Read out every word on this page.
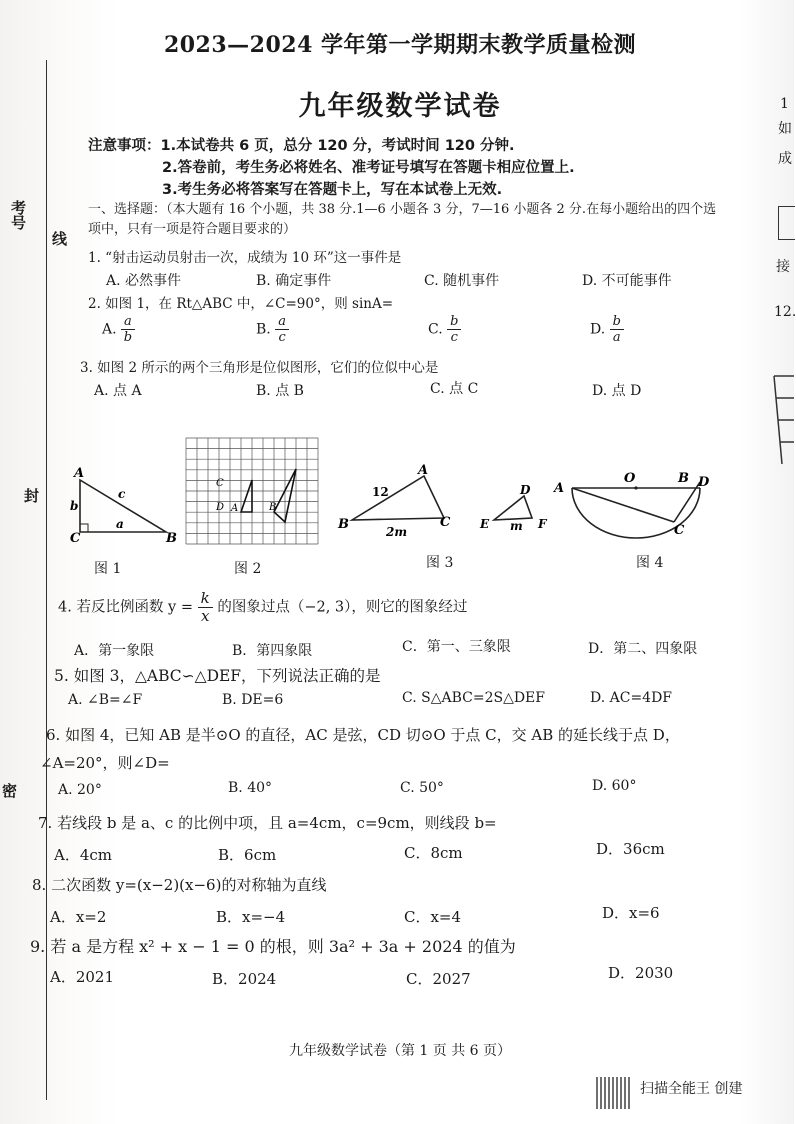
考号
线
封
密
2023—2024 学年第一学期期末教学质量检测
九年级数学试卷
注意事项：1.本试卷共 6 页，总分 120 分，考试时间 120 分钟.
2.答卷前，考生务必将姓名、准考证号填写在答题卡相应位置上.
3.考生务必将答案写在答题卡上，写在本试卷上无效.
一、选择题：（本大题有 16 个小题，共 38 分.1—6 小题各 3 分，7—16 小题各 2 分.在每小题给出的四个选项中，只有一项是符合题目要求的）
1. “射击运动员射击一次，成绩为 10 环”这一事件是
A. 必然事件	B. 确定事件	C. 随机事件	D. 不可能事件
2. 如图 1，在 Rt△ABC 中，∠C=90°，则 sinA=
A. $\frac{a}{b}$	B. $\frac{a}{c}$	C. $\frac{b}{c}$	D. $\frac{b}{a}$
3. 如图 2 所示的两个三角形是位似图形，它们的位似中心是
A. 点 A	B. 点 B	C. 点 C	D. 点 D
A
B
C
a
b
c
图 1
C
D A	B
图 2
A
B	C
D
E	F
12
2m	m
图 3
A
O	B D
C
图 4
4. 若反比例函数 $y = \frac{k}{x}$ 的图象过点（−2, 3），则它的图象经过
A．第一象限	B．第四象限	C．第一、三象限	D．第二、四象限
5. 如图 3，△ABC∽△DEF，下列说法正确的是
A. ∠B=∠F	B. DE=6	C. S△ABC=2S△DEF	D. AC=4DF
6. 如图 4，已知 AB 是半⊙O 的直径，AC 是弦，CD 切⊙O 于点 C，交 AB 的延长线于点 D，
∠A=20°，则∠D=
A. 20°	B. 40°	C. 50°	D. 60°
7. 若线段 b 是 a、c 的比例中项，且 a=4cm，c=9cm，则线段 b=
A．4cm	B．6cm	C．8cm	D．36cm
8. 二次函数 y=(x−2)(x−6)的对称轴为直线
A．x=2	B．x=−4	C．x=4	D．x=6
9. 若 a 是方程 x² + x − 1 = 0 的根，则 3a² + 3a + 2024 的值为
A．2021	B．2024	C．2027	D．2030
1
如
成
接
12.
九年级数学试卷（第 1 页 共 6 页）
扫描全能王 创建
